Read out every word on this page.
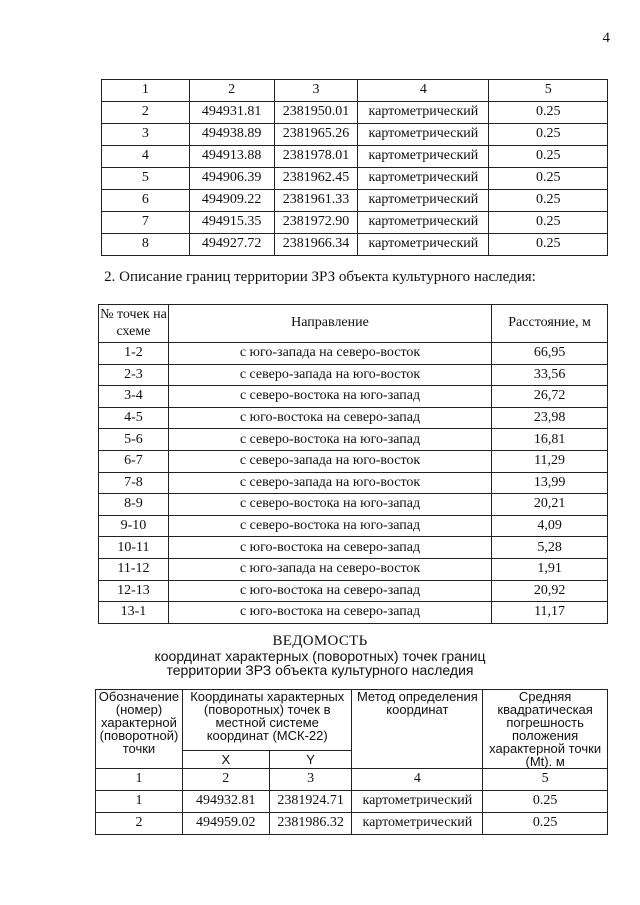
4
1	2	3	4	5
2	494931.81	2381950.01	картометрический	0.25
3	494938.89	2381965.26	картометрический	0.25
4	494913.88	2381978.01	картометрический	0.25
5	494906.39	2381962.45	картометрический	0.25
6	494909.22	2381961.33	картометрический	0.25
7	494915.35	2381972.90	картометрический	0.25
8	494927.72	2381966.34	картометрический	0.25
2. Описание границ территории ЗРЗ объекта культурного наследия:
№ точек на схеме	Направление	Расстояние, м
1-2	с юго-запада на северо-восток	66,95
2-3	с северо-запада на юго-восток	33,56
3-4	с северо-востока на юго-запад	26,72
4-5	с юго-востока на северо-запад	23,98
5-6	с северо-востока на юго-запад	16,81
6-7	с северо-запада на юго-восток	11,29
7-8	с северо-запада на юго-восток	13,99
8-9	с северо-востока на юго-запад	20,21
9-10	с северо-востока на юго-запад	4,09
10-11	с юго-востока на северо-запад	5,28
11-12	с юго-запада на северо-восток	1,91
12-13	с юго-востока на северо-запад	20,92
13-1	с юго-востока на северо-запад	11,17
ВЕДОМОСТЬ
координат характерных (поворотных) точек границ
территории ЗРЗ объекта культурного наследия
Обозначение (номер) характерной (поворотной) точки	Координаты характерных (поворотных) точек в местной системе координат (МСК-22)		Метод определения координат	Средняя квадратическая погрешность положения характерной точки (Mt). м
	X	Y		
1	2	3	4	5
1	494932.81	2381924.71	картометрический	0.25
2	494959.02	2381986.32	картометрический	0.25
